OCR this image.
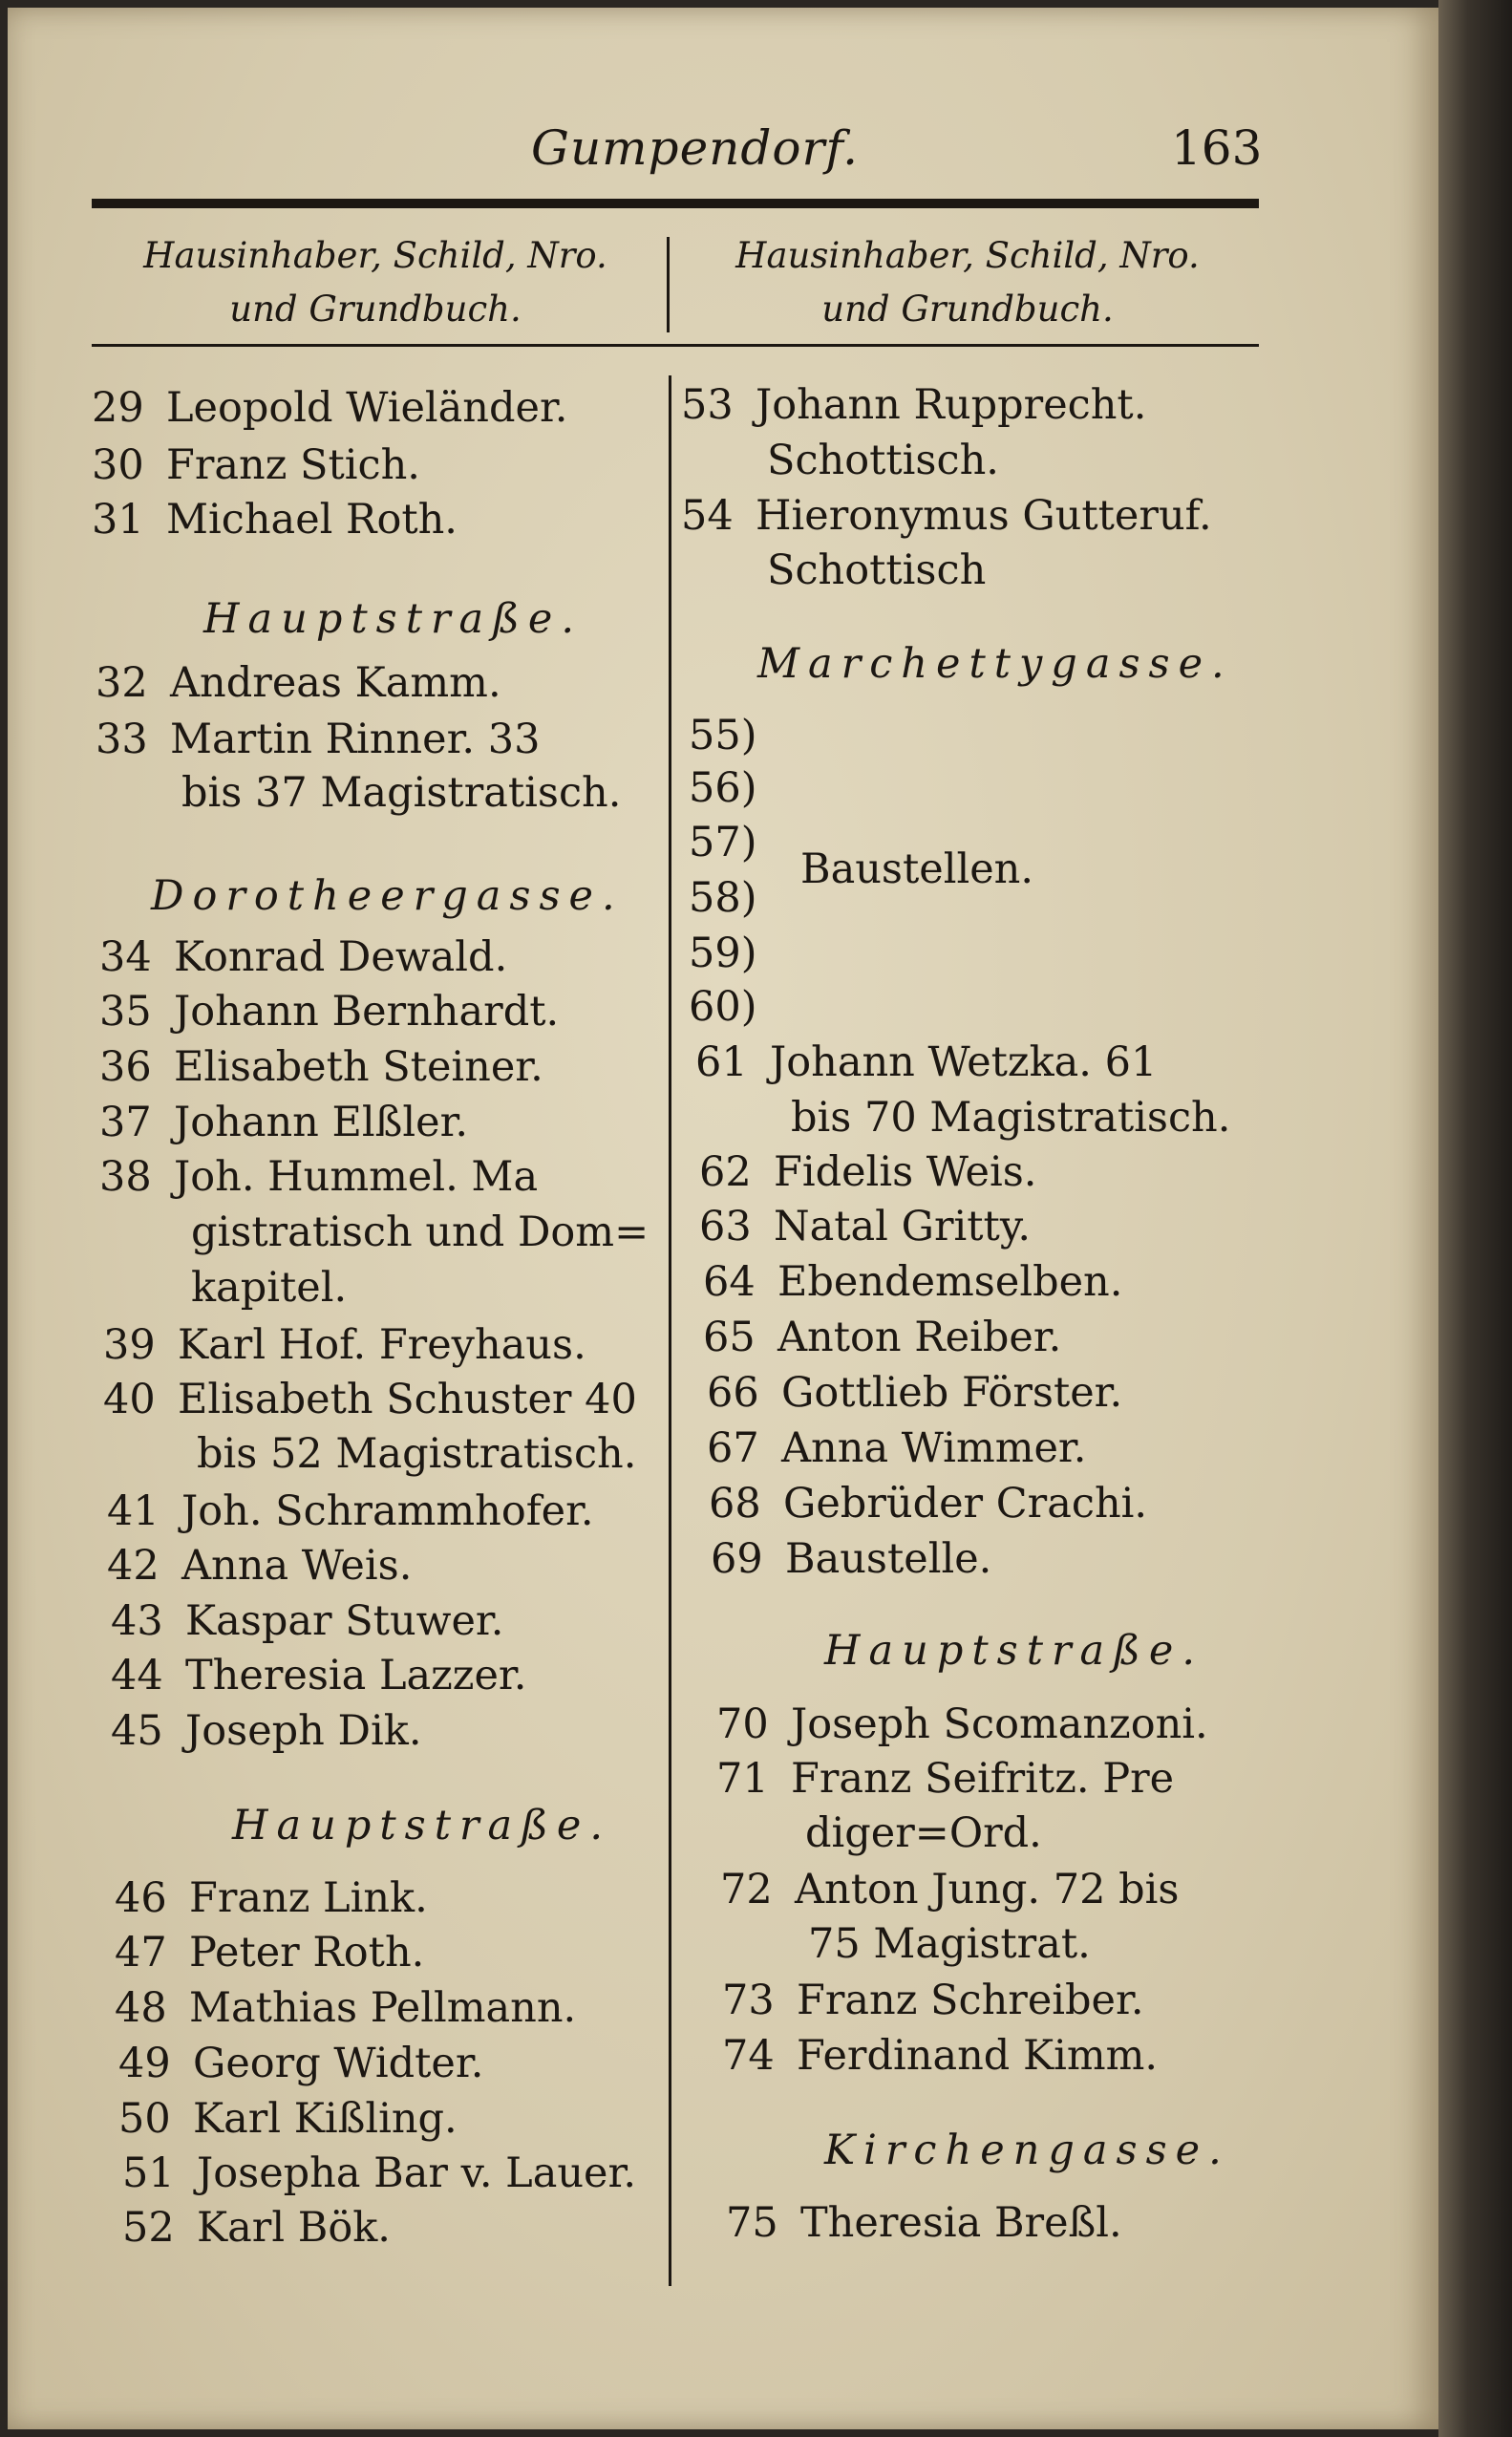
Gumpendorf.	163
Hausinhaber, Schild, Nro.
und Grundbuch.
Hausinhaber, Schild, Nro.
und Grundbuch.
29 Leopold Wieländer.
30 Franz Stich.
31 Michael Roth.
Hauptstraße.
32 Andreas Kamm.
33 Martin Rinner. 33
bis 37 Magistratisch.
Dorotheergasse.
34 Konrad Dewald.
35 Johann Bernhardt.
36 Elisabeth Steiner.
37 Johann Elßler.
38 Joh. Hummel. Ma
gistratisch und Dom=
kapitel.
39 Karl Hof. Freyhaus.
40 Elisabeth Schuster 40
bis 52 Magistratisch.
41 Joh. Schrammhofer.
42 Anna Weis.
43 Kaspar Stuwer.
44 Theresia Lazzer.
45 Joseph Dik.
Hauptstraße.
46 Franz Link.
47 Peter Roth.
48 Mathias Pellmann.
49 Georg Widter.
50 Karl Kißling.
51 Josepha Bar v. Lauer.
52 Karl Bök.
53 Johann Rupprecht.
Schottisch.
54 Hieronymus Gutteruf.
Schottisch
Marchettygasse.
55)
56)
57)
58)
59)
60)
Baustellen.
61 Johann Wetzka. 61
bis 70 Magistratisch.
62 Fidelis Weis.
63 Natal Gritty.
64 Ebendemselben.
65 Anton Reiber.
66 Gottlieb Förster.
67 Anna Wimmer.
68 Gebrüder Crachi.
69 Baustelle.
Hauptstraße.
70 Joseph Scomanzoni.
71 Franz Seifritz. Pre
diger=Ord.
72 Anton Jung. 72 bis
75 Magistrat.
73 Franz Schreiber.
74 Ferdinand Kimm.
Kirchengasse.
75 Theresia Breßl.
